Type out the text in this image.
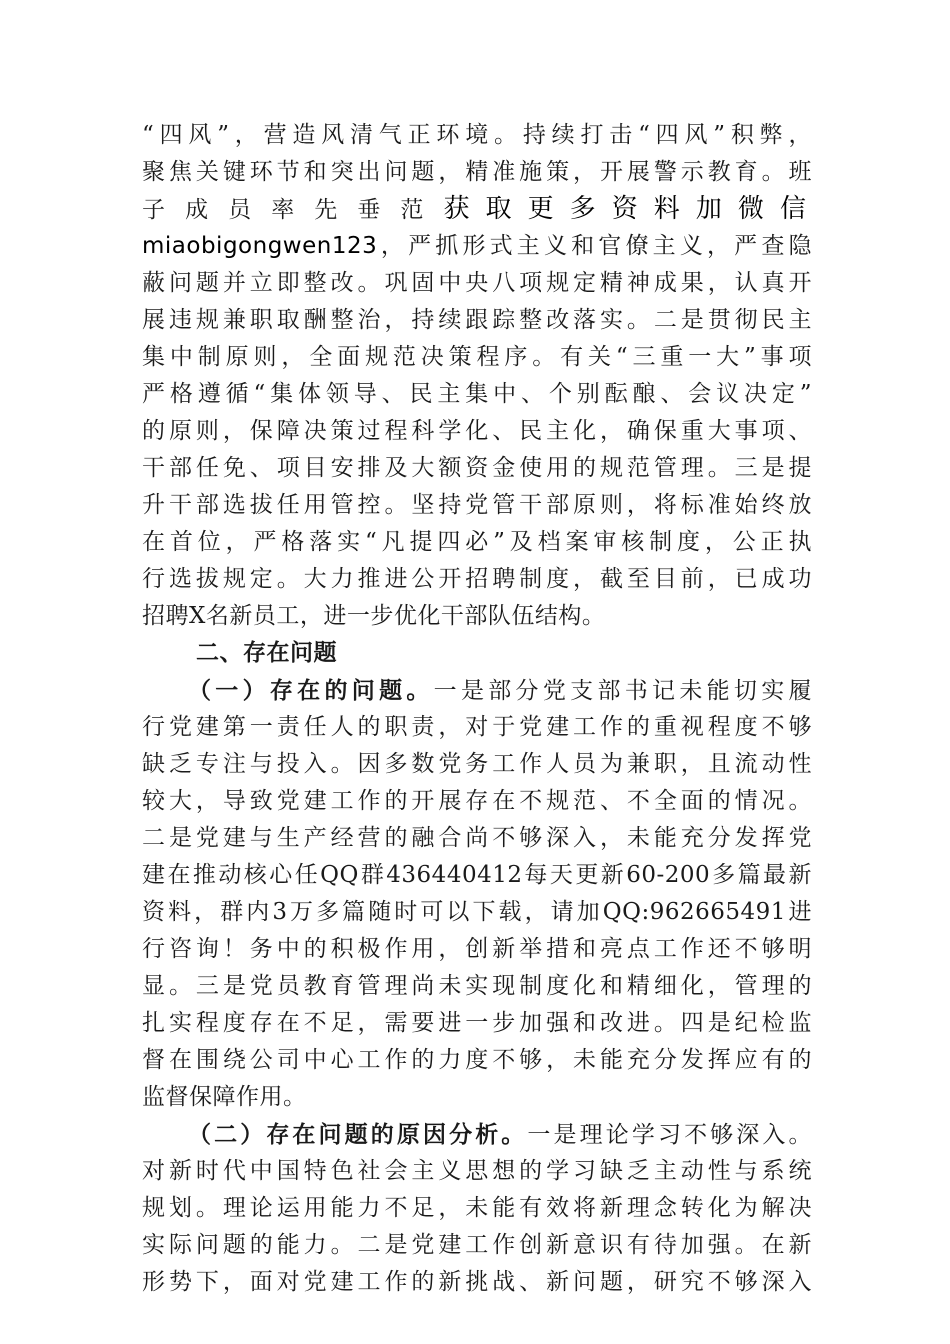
“四风”，营造风清气正环境。持续打击“四风”积弊，
聚焦关键环节和突出问题，精准施策，开展警示教育。班
子成员率先垂范获取更多资料加微信
miaobigongwen123，严抓形式主义和官僚主义，严查隐
蔽问题并立即整改。巩固中央八项规定精神成果，认真开
展违规兼职取酬整治，持续跟踪整改落实。二是贯彻民主
集中制原则，全面规范决策程序。有关“三重一大”事项
严格遵循“集体领导、民主集中、个别酝酿、会议决定”
的原则，保障决策过程科学化、民主化，确保重大事项、
干部任免、项目安排及大额资金使用的规范管理。三是提
升干部选拔任用管控。坚持党管干部原则，将标准始终放
在首位，严格落实“凡提四必”及档案审核制度，公正执
行选拔规定。大力推进公开招聘制度，截至目前，已成功
招聘X名新员工，进一步优化干部队伍结构。
二、存在问题
（一）存在的问题。一是部分党支部书记未能切实履
行党建第一责任人的职责，对于党建工作的重视程度不够
缺乏专注与投入。因多数党务工作人员为兼职，且流动性
较大，导致党建工作的开展存在不规范、不全面的情况。
二是党建与生产经营的融合尚不够深入，未能充分发挥党
建在推动核心任QQ群436440412每天更新60-200多篇最新
资料，群内3万多篇随时可以下载，请加QQ:962665491进
行咨询！务中的积极作用，创新举措和亮点工作还不够明
显。三是党员教育管理尚未实现制度化和精细化，管理的
扎实程度存在不足，需要进一步加强和改进。四是纪检监
督在围绕公司中心工作的力度不够，未能充分发挥应有的
监督保障作用。
（二）存在问题的原因分析。一是理论学习不够深入。
对新时代中国特色社会主义思想的学习缺乏主动性与系统
规划。理论运用能力不足，未能有效将新理念转化为解决
实际问题的能力。二是党建工作创新意识有待加强。在新
形势下，面对党建工作的新挑战、新问题，研究不够深入
